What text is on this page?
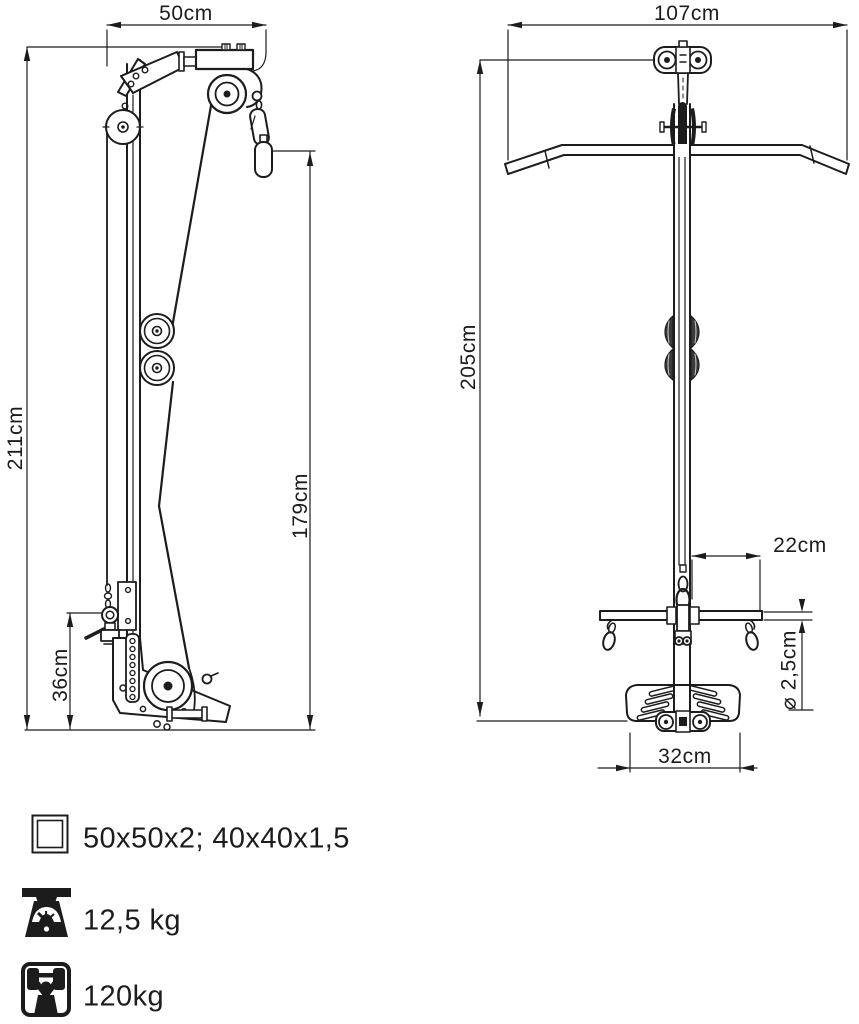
50cm
211cm
179cm
36cm
107cm
205cm
22cm
⌀ 2,5cm
32cm
50x50x2; 40x40x1,5
12,5 kg
120kg
